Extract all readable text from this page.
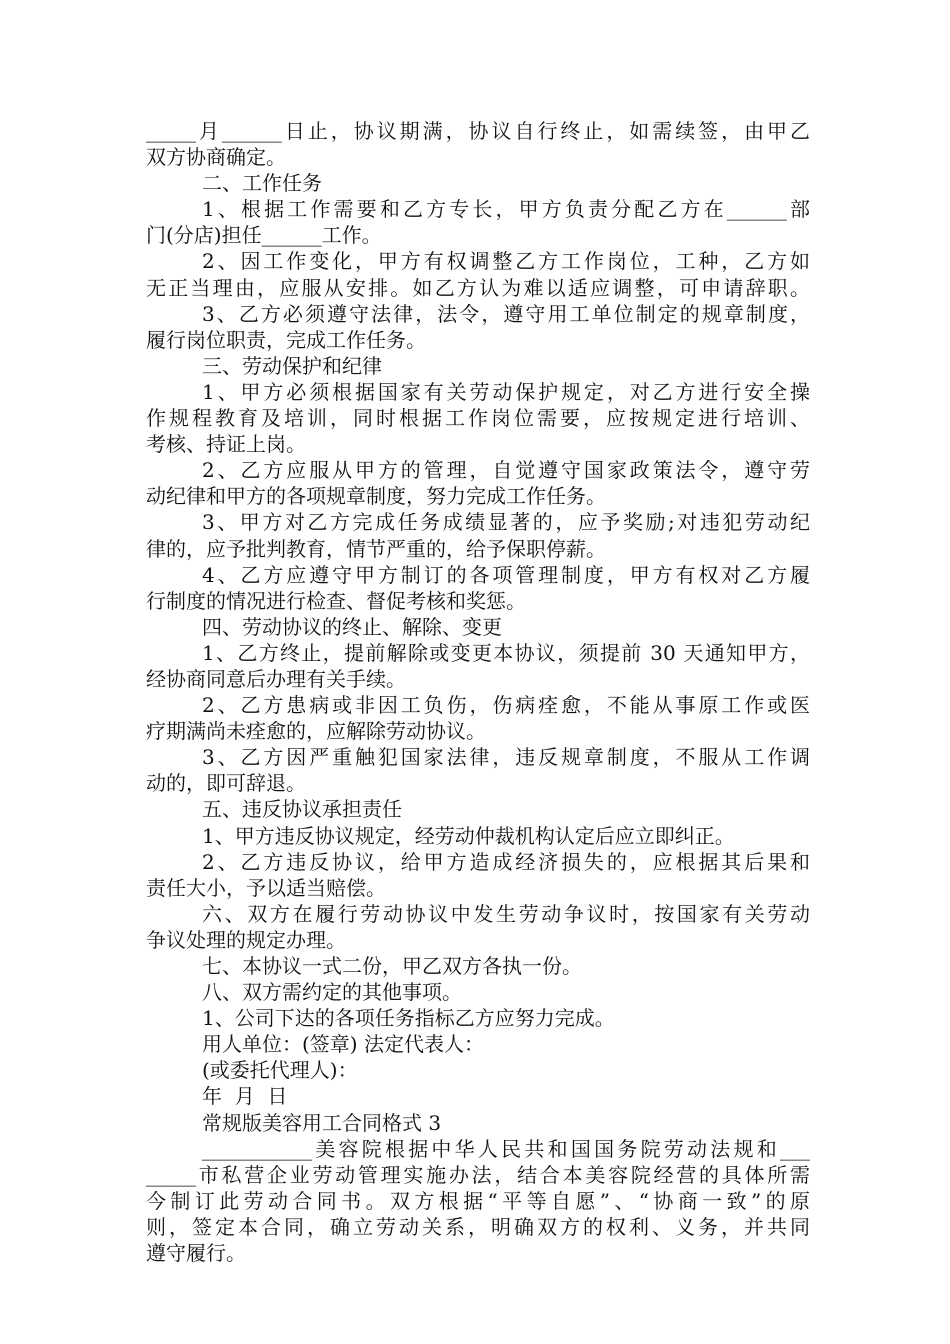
_____月______日止，协议期满，协议自行终止，如需续签，由甲乙
双方协商确定。
二、工作任务
1、根据工作需要和乙方专长，甲方负责分配乙方在______部
门(分店)担任______工作。
2、因工作变化，甲方有权调整乙方工作岗位，工种，乙方如
无正当理由，应服从安排。如乙方认为难以适应调整，可申请辞职。
3、乙方必须遵守法律，法令，遵守用工单位制定的规章制度，
履行岗位职责，完成工作任务。
三、劳动保护和纪律
1、甲方必须根据国家有关劳动保护规定，对乙方进行安全操
作规程教育及培训，同时根据工作岗位需要，应按规定进行培训、
考核、持证上岗。
2、乙方应服从甲方的管理，自觉遵守国家政策法令，遵守劳
动纪律和甲方的各项规章制度，努力完成工作任务。
3、甲方对乙方完成任务成绩显著的，应予奖励;对违犯劳动纪
律的，应予批判教育，情节严重的，给予保职停薪。
4、乙方应遵守甲方制订的各项管理制度，甲方有权对乙方履
行制度的情况进行检查、督促考核和奖惩。
四、劳动协议的终止、解除、变更
1、乙方终止，提前解除或变更本协议，须提前 30 天通知甲方，
经协商同意后办理有关手续。
2、乙方患病或非因工负伤，伤病痊愈，不能从事原工作或医
疗期满尚未痊愈的，应解除劳动协议。
3、乙方因严重触犯国家法律，违反规章制度，不服从工作调
动的，即可辞退。
五、违反协议承担责任
1、甲方违反协议规定，经劳动仲裁机构认定后应立即纠正。
2、乙方违反协议，给甲方造成经济损失的，应根据其后果和
责任大小，予以适当赔偿。
六、双方在履行劳动协议中发生劳动争议时，按国家有关劳动
争议处理的规定办理。
七、本协议一式二份，甲乙双方各执一份。
八、双方需约定的其他事项。
1、公司下达的各项任务指标乙方应努力完成。
用人单位：(签章) 法定代表人：
(或委托代理人)：
年  月  日
常规版美容用工合同格式 3
___________美容院根据中华人民共和国国务院劳动法规和___
_____市私营企业劳动管理实施办法，结合本美容院经营的具体所需
今制订此劳动合同书。双方根据“平等自愿”、“协商一致”的原
则，签定本合同，确立劳动关系，明确双方的权利、义务，并共同
遵守履行。
